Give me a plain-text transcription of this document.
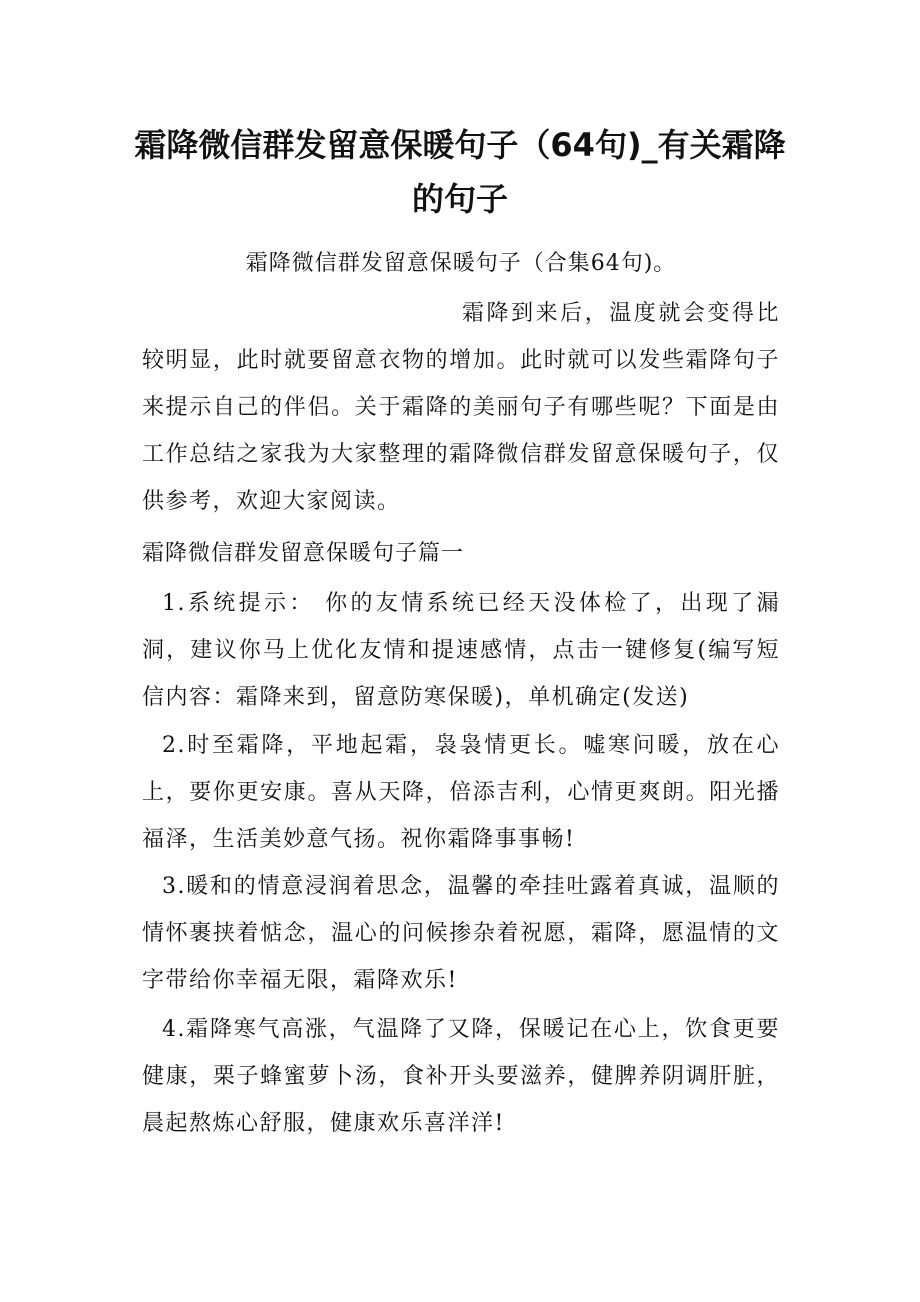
霜降微信群发留意保暖句子（64句)_有关霜降的句子

霜降微信群发留意保暖句子（合集64句)。

霜降到来后，温度就会变得比较明显，此时就要留意衣物的增加。此时就可以发些霜降句子来提示自己的伴侣。关于霜降的美丽句子有哪些呢？下面是由工作总结之家我为大家整理的霜降微信群发留意保暖句子，仅供参考，欢迎大家阅读。

霜降微信群发留意保暖句子篇一

1.系统提示： 你的友情系统已经天没体检了，出现了漏洞，建议你马上优化友情和提速感情，点击一键修复(编写短信内容：霜降来到，留意防寒保暖)，单机确定(发送)

2.时至霜降，平地起霜，袅袅情更长。嘘寒问暖，放在心上，要你更安康。喜从天降，倍添吉利，心情更爽朗。阳光播福泽，生活美妙意气扬。祝你霜降事事畅!

3.暖和的情意浸润着思念，温馨的牵挂吐露着真诚，温顺的情怀裹挟着惦念，温心的问候掺杂着祝愿，霜降，愿温情的文字带给你幸福无限，霜降欢乐!

4.霜降寒气高涨，气温降了又降，保暖记在心上，饮食更要健康，栗子蜂蜜萝卜汤，食补开头要滋养，健脾养阴调肝脏，晨起熬炼心舒服，健康欢乐喜洋洋!
